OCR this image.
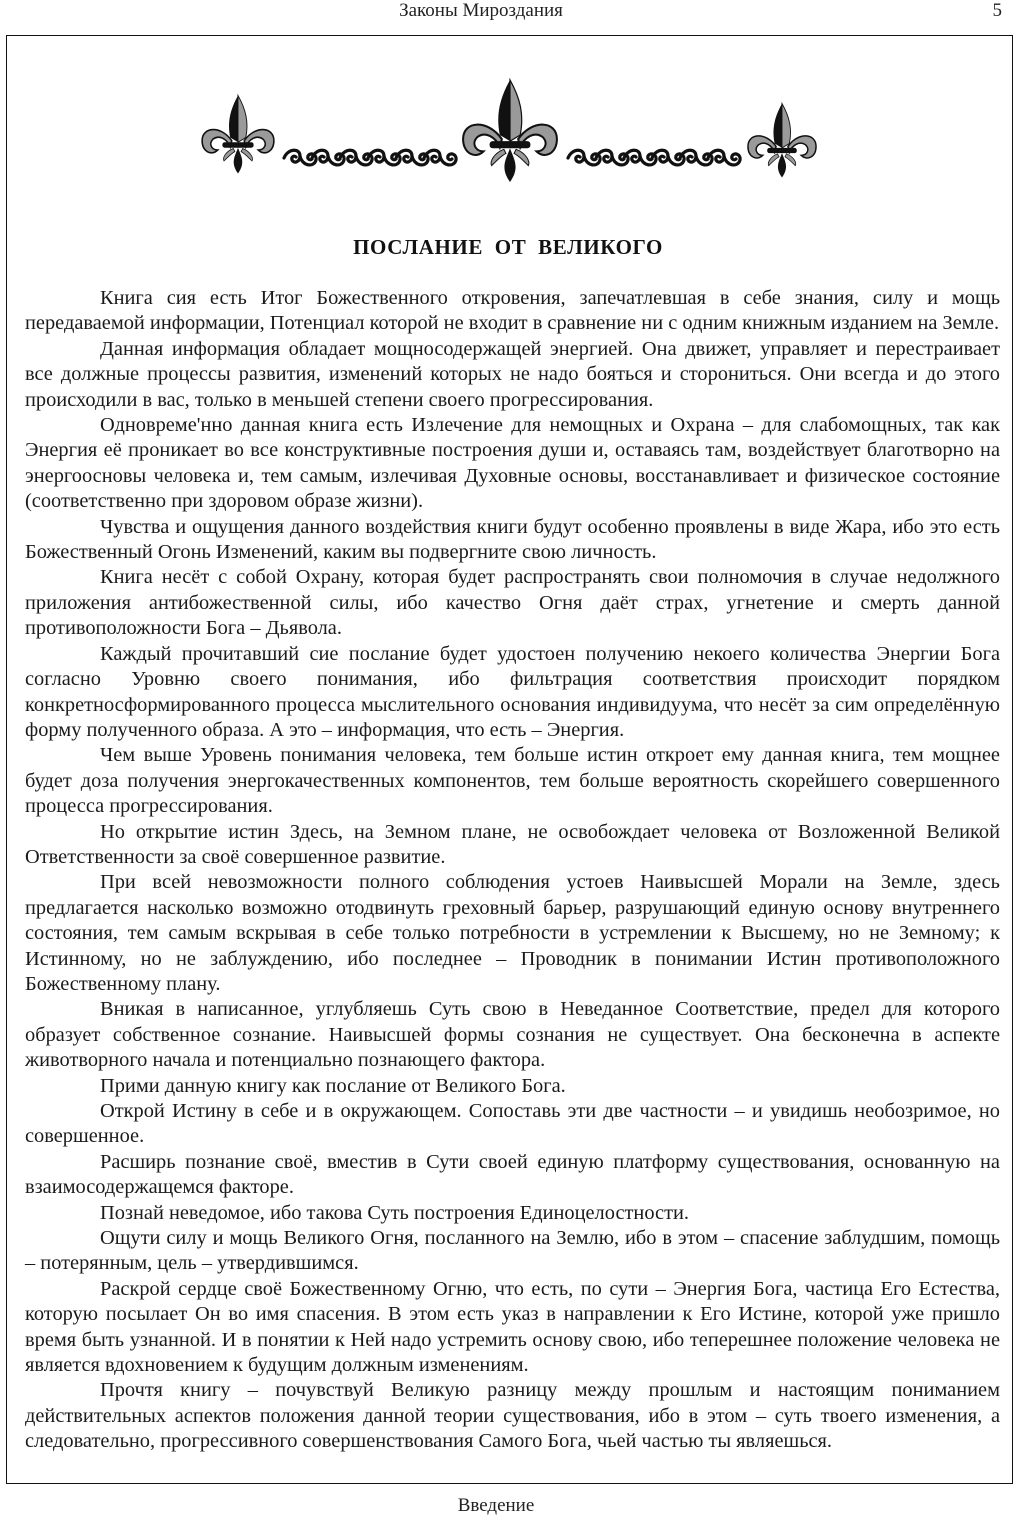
Законы Мироздания	5
ПОСЛАНИЕ ОТ ВЕЛИКОГО

Книга сия есть Итог Божественного откровения, запечатлевшая в себе знания, силу и мощь передаваемой информации, Потенциал которой не входит в сравнение ни с одним книжным изданием на Земле.

Данная информация обладает мощносодержащей энергией. Она движет, управляет и перестраивает все должные процессы развития, изменений которых не надо бояться и сторониться. Они всегда и до этого происходили в вас, только в меньшей степени своего прогрессирования.

Одновреме'нно данная книга есть Излечение для немощных и Охрана – для слабомощных, так как Энергия её проникает во все конструктивные построения души и, оставаясь там, воздействует благотворно на энергоосновы человека и, тем самым, излечивая Духовные основы, восстанавливает и физическое состояние (соответственно при здоровом образе жизни).

Чувства и ощущения данного воздействия книги будут особенно проявлены в виде Жара, ибо это есть Божественный Огонь Изменений, каким вы подвергните свою личность.

Книга несёт с собой Охрану, которая будет распространять свои полномочия в случае недолжного приложения антибожественной силы, ибо качество Огня даёт страх, угнетение и смерть данной противоположности Бога – Дьявола.

Каждый прочитавший сие послание будет удостоен получению некоего количества Энергии Бога согласно Уровню своего понимания, ибо фильтрация соответствия происходит порядком конкретносформированного процесса мыслительного основания индивидуума, что несёт за сим определённую форму полученного образа. А это – информация, что есть – Энергия.

Чем выше Уровень понимания человека, тем больше истин откроет ему данная книга, тем мощнее будет доза получения энергокачественных компонентов, тем больше вероятность скорейшего совершенного процесса прогрессирования.

Но открытие истин Здесь, на Земном плане, не освобождает человека от Возложенной Великой Ответственности за своё совершенное развитие.

При всей невозможности полного соблюдения устоев Наивысшей Морали на Земле, здесь предлагается насколько возможно отодвинуть греховный барьер, разрушающий единую основу внутреннего состояния, тем самым вскрывая в себе только потребности в устремлении к Высшему, но не Земному; к Истинному, но не заблуждению, ибо последнее – Проводник в понимании Истин противоположного Божественному плану.

Вникая в написанное, углубляешь Суть свою в Неведанное Соответствие, предел для которого образует собственное сознание. Наивысшей формы сознания не существует. Она бесконечна в аспекте животворного начала и потенциально познающего фактора.

Прими данную книгу как послание от Великого Бога.

Открой Истину в себе и в окружающем. Сопоставь эти две частности – и увидишь необозримое, но совершенное.

Расширь познание своё, вместив в Сути своей единую платформу существования, основанную на взаимосодержащемся факторе.

Познай неведомое, ибо такова Суть построения Единоцелостности.

Ощути силу и мощь Великого Огня, посланного на Землю, ибо в этом – спасение заблудшим, помощь – потерянным, цель – утвердившимся.

Раскрой сердце своё Божественному Огню, что есть, по сути – Энергия Бога, частица Его Естества, которую посылает Он во имя спасения. В этом есть указ в направлении к Его Истине, которой уже пришло время быть узнанной. И в понятии к Ней надо устремить основу свою, ибо теперешнее положение человека не является вдохновением к будущим должным изменениям.

Прочтя книгу – почувствуй Великую разницу между прошлым и настоящим пониманием действительных аспектов положения данной теории существования, ибо в этом – суть твоего изменения, а следовательно, прогрессивного совершенствования Самого Бога, чьей частью ты являешься.

Введение
